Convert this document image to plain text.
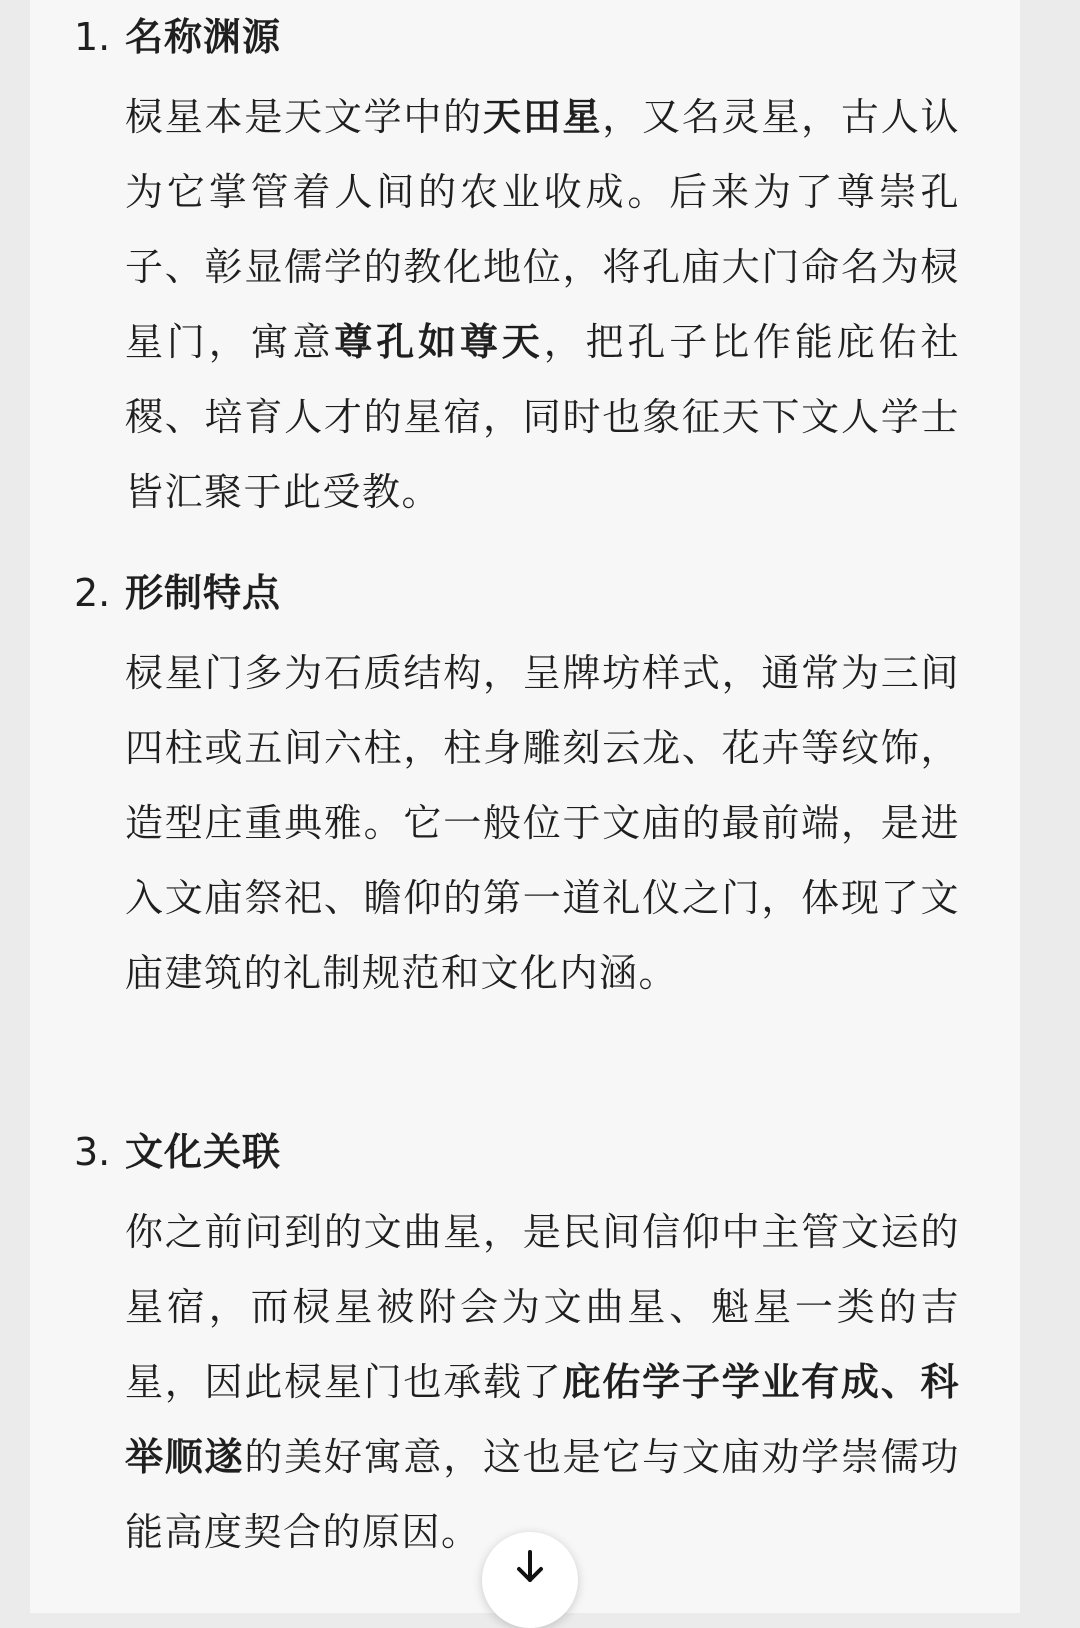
1. 名称渊源
棂星本是天文学中的天田星，又名灵星，古人认为它掌管着人间的农业收成。后来为了尊崇孔子、彰显儒学的教化地位，将孔庙大门命名为棂星门，寓意尊孔如尊天，把孔子比作能庇佑社稷、培育人才的星宿，同时也象征天下文人学士皆汇聚于此受教。
2. 形制特点
棂星门多为石质结构，呈牌坊样式，通常为三间四柱或五间六柱，柱身雕刻云龙、花卉等纹饰，造型庄重典雅。它一般位于文庙的最前端，是进入文庙祭祀、瞻仰的第一道礼仪之门，体现了文庙建筑的礼制规范和文化内涵。
3. 文化关联
你之前问到的文曲星，是民间信仰中主管文运的星宿，而棂星被附会为文曲星、魁星一类的吉星，因此棂星门也承载了庇佑学子学业有成、科举顺遂的美好寓意，这也是它与文庙劝学崇儒功能高度契合的原因。
